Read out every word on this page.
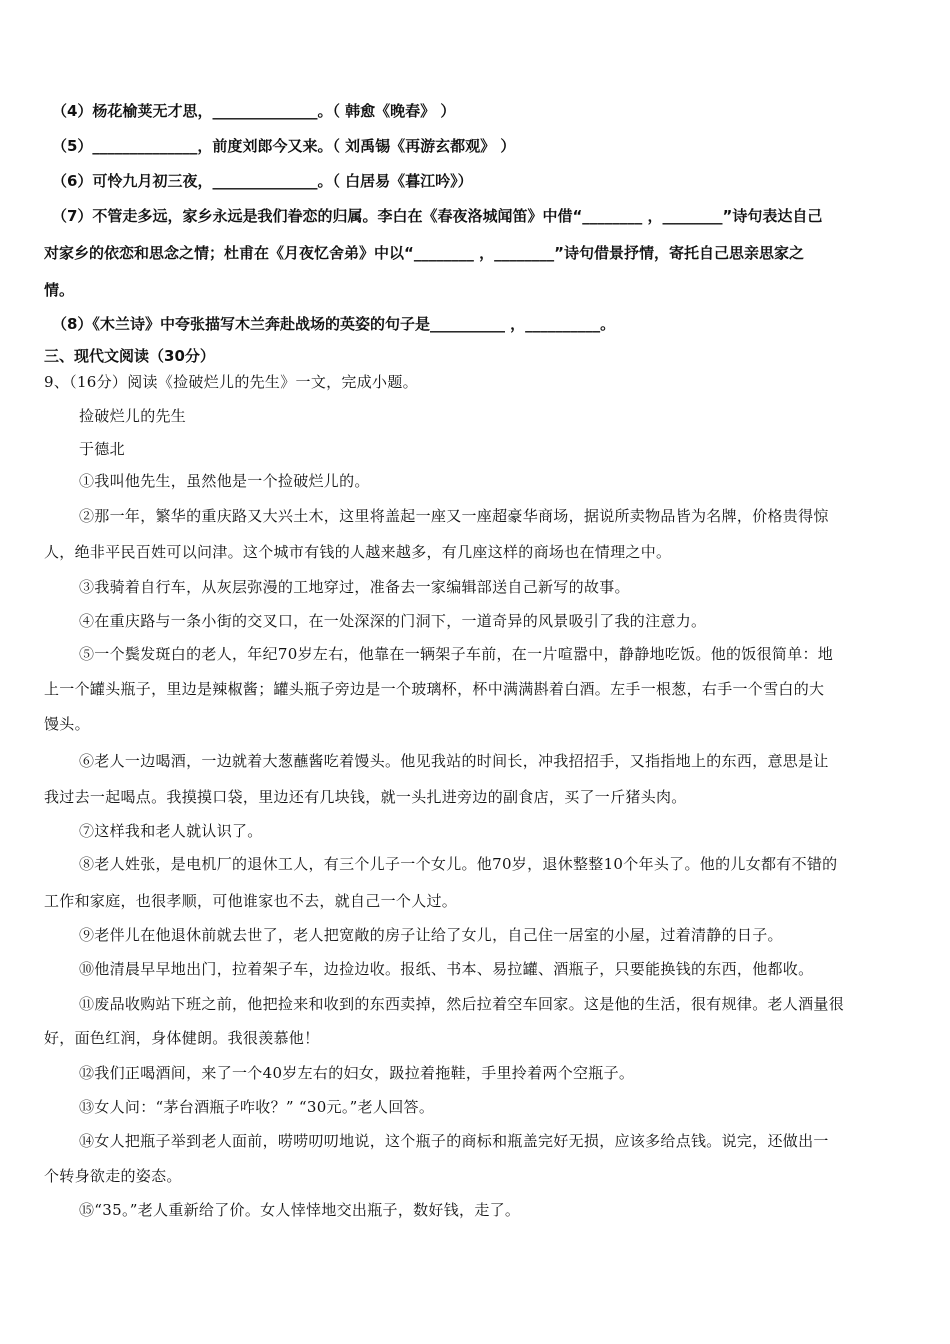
（4）杨花榆荚无才思，______________。（ 韩愈《晚春》 ）
（5）______________，前度刘郎今又来。（ 刘禹锡《再游玄都观》 ）
（6）可怜九月初三夜，______________。（ 白居易《暮江吟》）
（7）不管走多远，家乡永远是我们眷恋的归属。李白在《春夜洛城闻笛》中借“________ ，________”诗句表达自己
对家乡的依恋和思念之情；杜甫在《月夜忆舍弟》中以“________ ，________”诗句借景抒情，寄托自己思亲思家之
情。
（8）《木兰诗》中夸张描写木兰奔赴战场的英姿的句子是__________ ，__________。
三、现代文阅读（30分）
9、（16分）阅读《捡破烂儿的先生》一文，完成小题。
捡破烂儿的先生
于德北
①我叫他先生，虽然他是一个捡破烂儿的。
②那一年，繁华的重庆路又大兴土木，这里将盖起一座又一座超豪华商场，据说所卖物品皆为名牌，价格贵得惊
人，绝非平民百姓可以问津。这个城市有钱的人越来越多，有几座这样的商场也在情理之中。
③我骑着自行车，从灰层弥漫的工地穿过，准备去一家编辑部送自己新写的故事。
④在重庆路与一条小街的交叉口，在一处深深的门洞下，一道奇异的风景吸引了我的注意力。
⑤一个鬓发斑白的老人，年纪70岁左右，他靠在一辆架子车前，在一片喧嚣中，静静地吃饭。他的饭很简单：地
上一个罐头瓶子，里边是辣椒酱；罐头瓶子旁边是一个玻璃杯，杯中满满斟着白酒。左手一根葱，右手一个雪白的大
馒头。
⑥老人一边喝酒，一边就着大葱蘸酱吃着馒头。他见我站的时间长，冲我招招手，又指指地上的东西，意思是让
我过去一起喝点。我摸摸口袋，里边还有几块钱，就一头扎进旁边的副食店，买了一斤猪头肉。
⑦这样我和老人就认识了。
⑧老人姓张，是电机厂的退休工人，有三个儿子一个女儿。他70岁，退休整整10个年头了。他的儿女都有不错的
工作和家庭，也很孝顺，可他谁家也不去，就自己一个人过。
⑨老伴儿在他退休前就去世了，老人把宽敞的房子让给了女儿，自己住一居室的小屋，过着清静的日子。
⑩他清晨早早地出门，拉着架子车，边捡边收。报纸、书本、易拉罐、酒瓶子，只要能换钱的东西，他都收。
⑪废品收购站下班之前，他把捡来和收到的东西卖掉，然后拉着空车回家。这是他的生活，很有规律。老人酒量很
好，面色红润，身体健朗。我很羡慕他！
⑫我们正喝酒间，来了一个40岁左右的妇女，趿拉着拖鞋，手里拎着两个空瓶子。
⑬女人问：“茅台酒瓶子咋收？” “30元。”老人回答。
⑭女人把瓶子举到老人面前，唠唠叨叨地说，这个瓶子的商标和瓶盖完好无损，应该多给点钱。说完，还做出一
个转身欲走的姿态。
⑮“35。”老人重新给了价。女人悻悻地交出瓶子，数好钱，走了。
